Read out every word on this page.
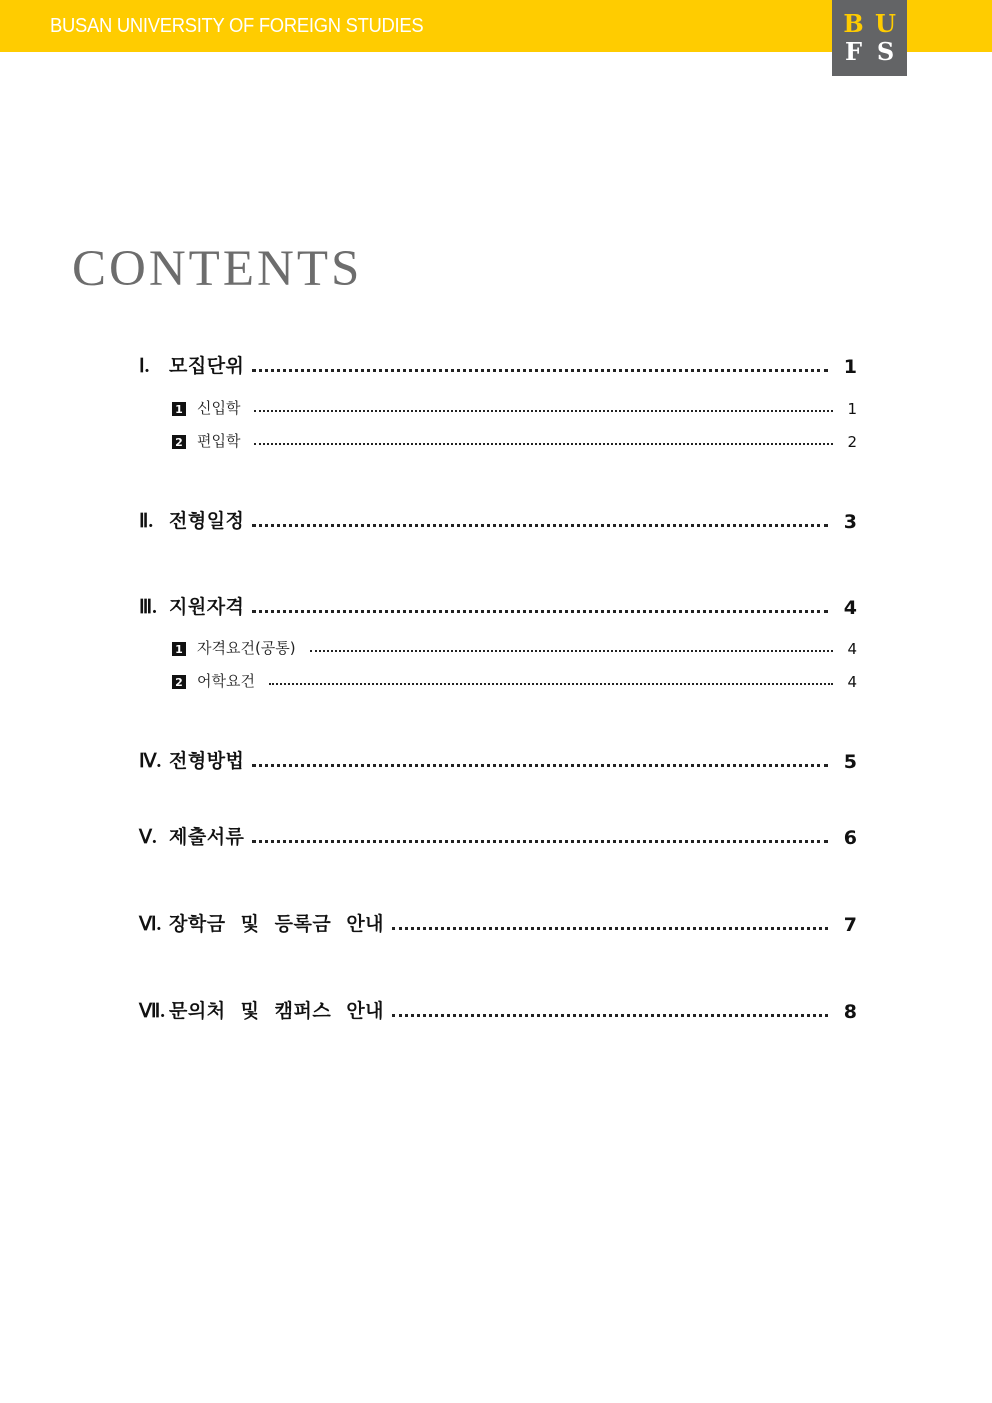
BUSAN UNIVERSITY OF FOREIGN STUDIES	B U
F S
CONTENTS
Ⅰ.	모집단위	1
1 신입학	1
2 편입학	2
Ⅱ. 전형일정	3
Ⅲ. 지원자격	4
1 자격요건(공통)	4
2 어학요건	4
Ⅳ. 전형방법	5
Ⅴ. 제출서류	6
Ⅵ. 장학금 및 등록금 안내	7
Ⅶ. 문의처 및 캠퍼스 안내	8
